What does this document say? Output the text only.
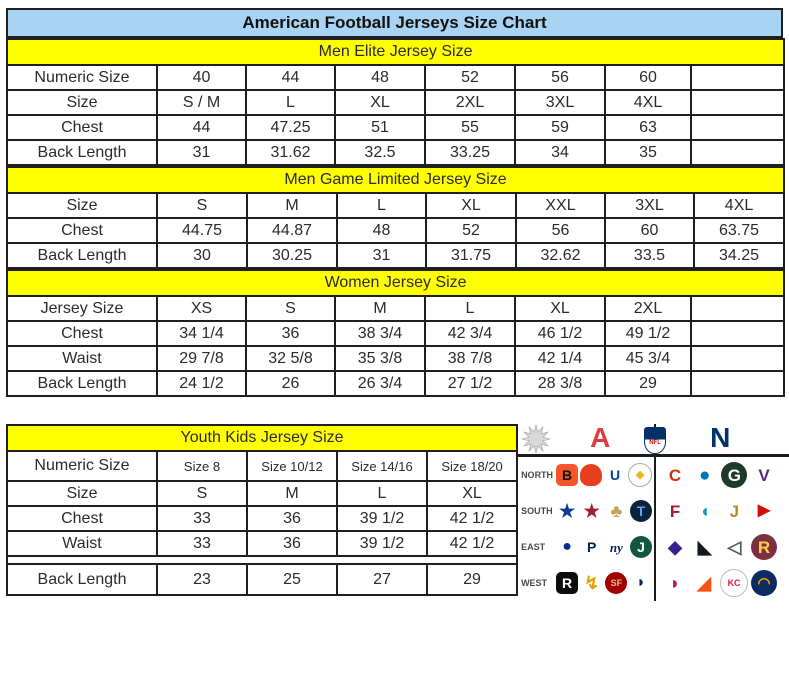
American Football Jerseys Size Chart
Men Elite Jersey Size							
Numeric Size	40	44	48	52	56	60	
Size	S / M	L	XL	2XL	3XL	4XL	
Chest	44	47.25	51	55	59	63	
Back Length	31	31.62	32.5	33.25	34	35	
Men Game Limited Jersey Size							
Size	S	M	L	XL	XXL	3XL	4XL
Chest	44.75	44.87	48	52	56	60	63.75
Back Length	30	30.25	31	31.75	32.62	33.5	34.25
Women Jersey Size							
Jersey Size	XS	S	M	L	XL	2XL	
Chest	34 1/4	36	38 3/4	42 3/4	46 1/2	49 1/2	
Waist	29 7/8	32 5/8	35 3/8	38 7/8	42 1/4	45 3/4	
Back Length	24 1/2	26	26 3/4	27 1/2	28 3/8	29	
Youth Kids Jersey Size				
Numeric Size	Size 8	Size 10/12	Size 14/16	Size 18/20
Size	S	M	L	XL
Chest	33	36	39 1/2	42 1/2
Waist	33	36	39 1/2	42 1/2

Back Length	23	25	27	29
A	NFL N
NORTH B	U	◆	C ●	G	V
SOUTH ★ ★ ♣	T	F	◖	J	▶
EAST	●	P	ny	J	◆ ◣ ◁ R
WEST	R ↯	SF ◗	◗ ◢	KC	◠
